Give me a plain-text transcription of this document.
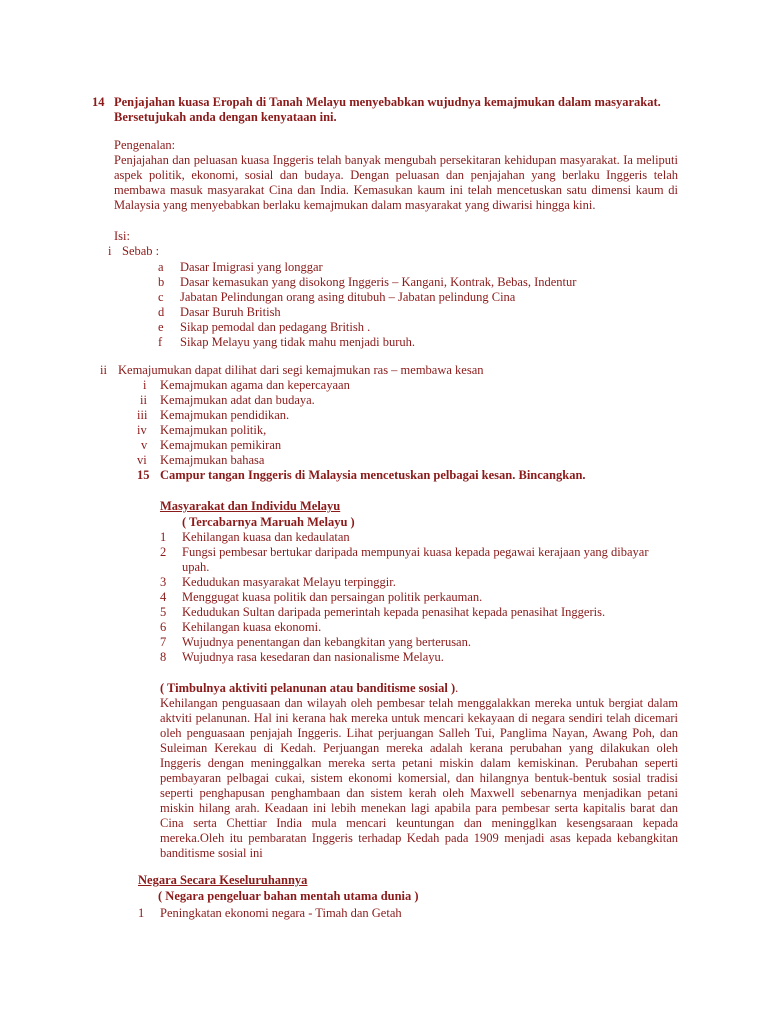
14 Penjajahan kuasa Eropah di Tanah Melayu menyebabkan wujudnya kemajmukan dalam masyarakat.
Bersetujukah anda dengan kenyataan ini.
Pengenalan:
Penjajahan dan peluasan kuasa Inggeris telah banyak mengubah persekitaran kehidupan masyarakat. Ia meliputi
aspek politik, ekonomi, sosial dan budaya. Dengan peluasan dan penjajahan yang berlaku Inggeris telah
membawa masuk masyarakat Cina dan India. Kemasukan kaum ini telah mencetuskan satu dimensi kaum di
Malaysia yang menyebabkan berlaku kemajmukan dalam masyarakat yang diwarisi hingga kini.
Isi:
i Sebab :
a Dasar Imigrasi yang longgar
b Dasar kemasukan yang disokong Inggeris – Kangani, Kontrak, Bebas, Indentur
c Jabatan Pelindungan orang asing ditubuh – Jabatan pelindung Cina
d Dasar Buruh British
e Sikap pemodal dan pedagang British .
f Sikap Melayu yang tidak mahu menjadi buruh.
ii Kemajumukan dapat dilihat dari segi kemajmukan ras – membawa kesan
i Kemajmukan agama dan kepercayaan
ii Kemajmukan adat dan budaya.
iii Kemajmukan pendidikan.
iv Kemajmukan politik,
v Kemajmukan pemikiran
vi Kemajmukan bahasa
15 Campur tangan Inggeris di Malaysia mencetuskan pelbagai kesan. Bincangkan.
Masyarakat dan Individu Melayu
( Tercabarnya Maruah Melayu )
1 Kehilangan kuasa dan kedaulatan
2 Fungsi pembesar bertukar daripada mempunyai kuasa kepada pegawai kerajaan yang dibayar
upah.
3 Kedudukan masyarakat Melayu terpinggir.
4 Menggugat kuasa politik dan persaingan politik perkauman.
5 Kedudukan Sultan daripada pemerintah kepada penasihat kepada penasihat Inggeris.
6 Kehilangan kuasa ekonomi.
7 Wujudnya penentangan dan kebangkitan yang berterusan.
8 Wujudnya rasa kesedaran dan nasionalisme Melayu.
( Timbulnya aktiviti pelanunan atau banditisme sosial ).
Kehilangan penguasaan dan wilayah oleh pembesar telah menggalakkan mereka untuk bergiat dalam
aktviti pelanunan. Hal ini kerana hak mereka untuk mencari kekayaan di negara sendiri telah dicemari
oleh penguasaan penjajah Inggeris. Lihat perjuangan Salleh Tui, Panglima Nayan, Awang Poh, dan
Suleiman Kerekau di Kedah. Perjuangan mereka adalah kerana perubahan yang dilakukan oleh
Inggeris dengan meninggalkan mereka serta petani miskin dalam kemiskinan. Perubahan seperti
pembayaran pelbagai cukai, sistem ekonomi komersial, dan hilangnya bentuk-bentuk sosial tradisi
seperti penghapusan penghambaan dan sistem kerah oleh Maxwell sebenarnya menjadikan petani
miskin hilang arah. Keadaan ini lebih menekan lagi apabila para pembesar serta kapitalis barat dan
Cina serta Chettiar India mula mencari keuntungan dan meningglkan kesengsaraan kepada
mereka.Oleh itu pembaratan Inggeris terhadap Kedah pada 1909 menjadi asas kepada kebangkitan
banditisme sosial ini
Negara Secara Keseluruhannya
( Negara pengeluar bahan mentah utama dunia )
1 Peningkatan ekonomi negara - Timah dan Getah
